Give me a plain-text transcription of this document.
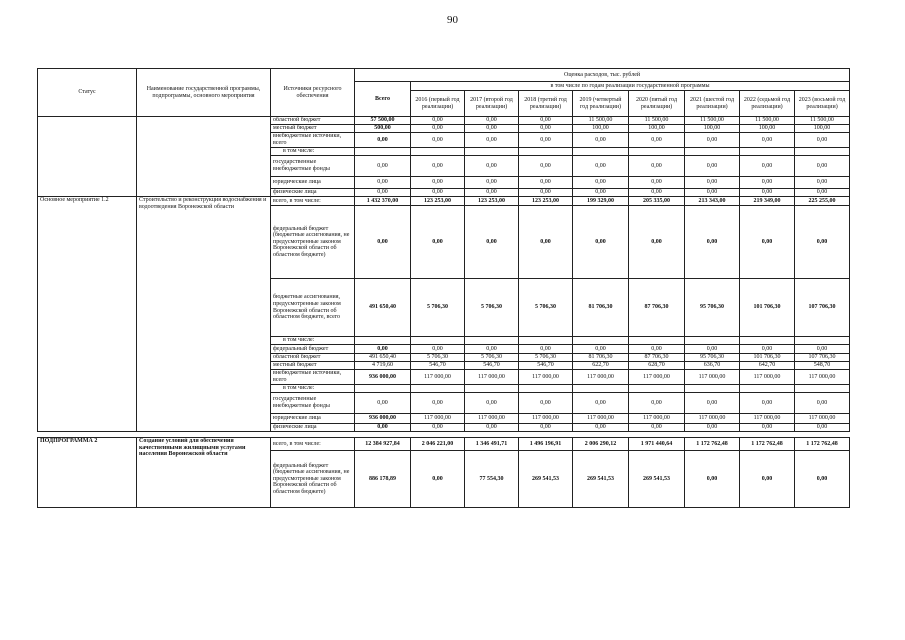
90
Статус	Наименование государственной программы, подпрограммы, основного мероприятия	Источники ресурсного обеспечения	Оценка расходов, тыс. рублей								
			Всего	в том числе по годам реализации государственной программы							
				2016 (первый год реализации)	2017 (второй год реализации)	2018 (третий год реализации)	2019 (четвертый год реализации)	2020 (пятый год реализации)	2021 (шестой год реализации)	2022 (седьмой год реализации)	2023 (восьмой год реализации)
		областной бюджет	57 500,00	0,00	0,00	0,00	11 500,00	11 500,00	11 500,00	11 500,00	11 500,00
		местный бюджет	500,00	0,00	0,00	0,00	100,00	100,00	100,00	100,00	100,00
		внебюджетные источники, всего	0,00	0,00	0,00	0,00	0,00	0,00	0,00	0,00	0,00
		в том числе:									
		государственные внебюджетные фонды	0,00	0,00	0,00	0,00	0,00	0,00	0,00	0,00	0,00
		юридические лица	0,00	0,00	0,00	0,00	0,00	0,00	0,00	0,00	0,00
		физические лица	0,00	0,00	0,00	0,00	0,00	0,00	0,00	0,00	0,00
Основное мероприятие 1.2	Строительство и реконструкция водоснабжения и водоотведения Воронежской области	всего, в том числе:	1 432 370,00	123 253,00	123 253,00	123 253,00	199 329,00	205 335,00	213 343,00	219 349,00	225 255,00
		федеральный бюджет (бюджетные ассигнования, не предусмотренные законом Воронежской области об областном бюджете)	0,00	0,00	0,00	0,00	0,00	0,00	0,00	0,00	0,00
		бюджетные ассигнования, предусмотренные законом Воронежской области об областном бюджете, всего	491 650,40	5 706,30	5 706,30	5 706,30	81 706,30	87 706,30	95 706,30	101 706,30	107 706,30
		в том числе:									
		федеральный бюджет	0,00	0,00	0,00	0,00	0,00	0,00	0,00	0,00	0,00
		областной бюджет	491 650,40	5 706,30	5 706,30	5 706,30	81 706,30	87 706,30	95 706,30	101 706,30	107 706,30
		местный бюджет	4 719,60	546,70	546,70	546,70	622,70	628,70	636,70	642,70	548,70
		внебюджетные источники, всего	936 000,00	117 000,00	117 000,00	117 000,00	117 000,00	117 000,00	117 000,00	117 000,00	117 000,00
		в том числе:									
		государственные внебюджетные фонды	0,00	0,00	0,00	0,00	0,00	0,00	0,00	0,00	0,00
		юридические лица	936 000,00	117 000,00	117 000,00	117 000,00	117 000,00	117 000,00	117 000,00	117 000,00	117 000,00
		физические лица	0,00	0,00	0,00	0,00	0,00	0,00	0,00	0,00	0,00

ПОДПРОГРАММА 2	Создание условий для обеспечения качественными жилищными услугами населения Воронежской области	всего, в том числе:	12 384 927,84	2 046 221,00	1 346 491,71	1 496 196,91	2 006 290,12	1 971 440,64	1 172 762,48	1 172 762,48	1 172 762,48
		федеральный бюджет (бюджетные ассигнования, не предусмотренные законом Воронежской области об областном бюджете)	886 178,89	0,00	77 554,30	269 541,53	269 541,53	269 541,53	0,00	0,00	0,00
